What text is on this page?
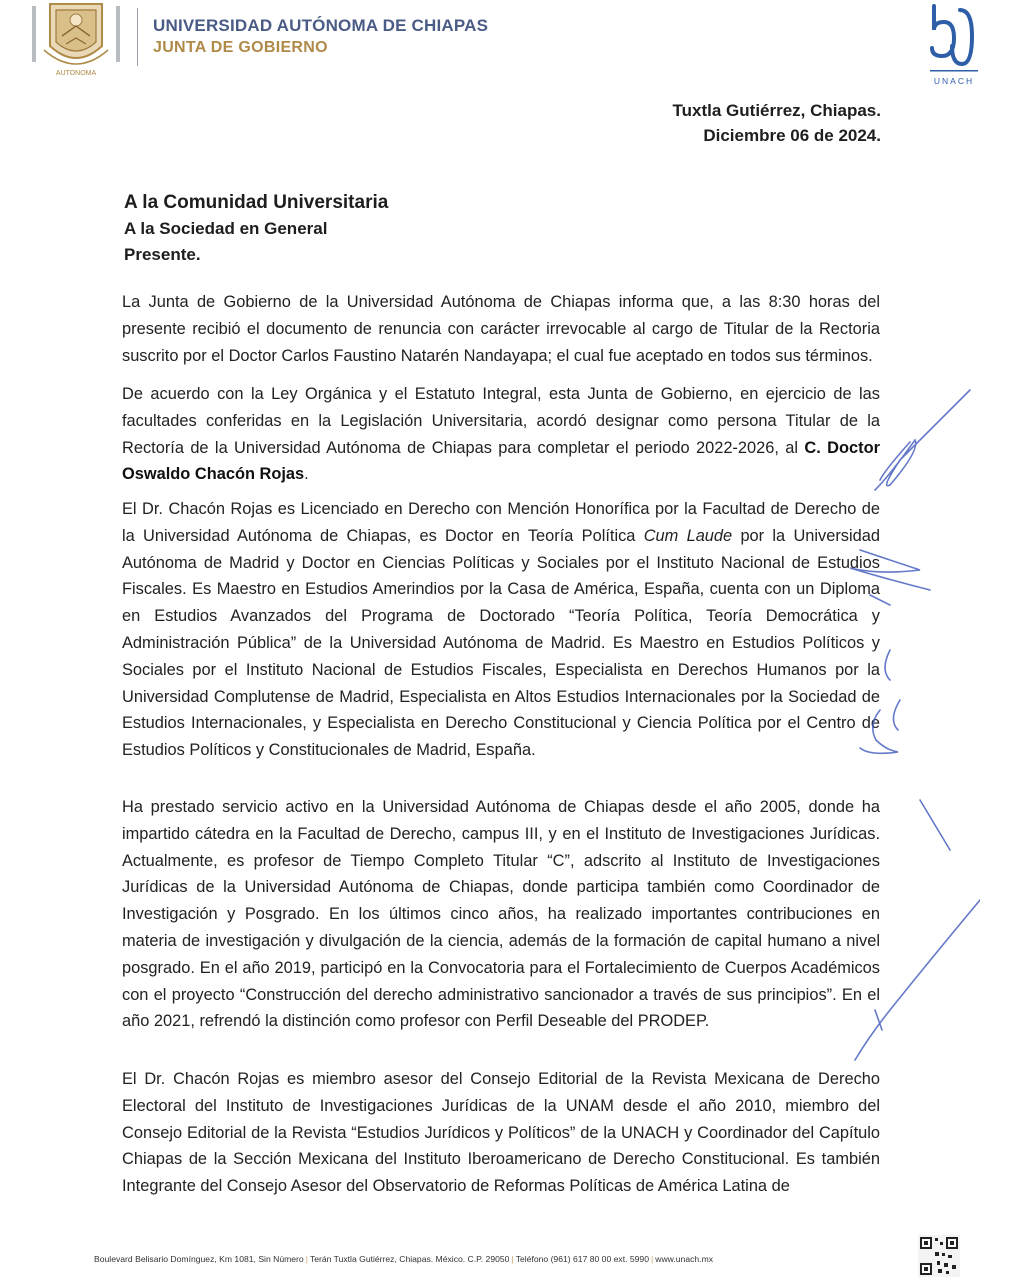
AUTONOMA
UNIVERSIDAD AUTÓNOMA DE CHIAPAS
JUNTA DE GOBIERNO
UNACH
Tuxtla Gutiérrez, Chiapas.
Diciembre 06 de 2024.
A la Comunidad Universitaria
A la Sociedad en General
Presente.
La Junta de Gobierno de la Universidad Autónoma de Chiapas informa que, a las 8:30 horas del presente recibió el documento de renuncia con carácter irrevocable al cargo de Titular de la Rectoria suscrito por el Doctor Carlos Faustino Natarén Nandayapa; el cual fue aceptado en todos sus términos.
De acuerdo con la Ley Orgánica y el Estatuto Integral, esta Junta de Gobierno, en ejercicio de las facultades conferidas en la Legislación Universitaria, acordó designar como persona Titular de la Rectoría de la Universidad Autónoma de Chiapas para completar el periodo 2022-2026, al C. Doctor Oswaldo Chacón Rojas.
El Dr. Chacón Rojas es Licenciado en Derecho con Mención Honorífica por la Facultad de Derecho de la Universidad Autónoma de Chiapas, es Doctor en Teoría Política Cum Laude por la Universidad Autónoma de Madrid y Doctor en Ciencias Políticas y Sociales por el Instituto Nacional de Estudios Fiscales. Es Maestro en Estudios Amerindios por la Casa de América, España, cuenta con un Diploma en Estudios Avanzados del Programa de Doctorado “Teoría Política, Teoría Democrática y Administración Pública” de la Universidad Autónoma de Madrid. Es Maestro en Estudios Políticos y Sociales por el Instituto Nacional de Estudios Fiscales, Especialista en Derechos Humanos por la Universidad Complutense de Madrid, Especialista en Altos Estudios Internacionales por la Sociedad de Estudios Internacionales, y Especialista en Derecho Constitucional y Ciencia Política por el Centro de Estudios Políticos y Constitucionales de Madrid, España.
Ha prestado servicio activo en la Universidad Autónoma de Chiapas desde el año 2005, donde ha impartido cátedra en la Facultad de Derecho, campus III, y en el Instituto de Investigaciones Jurídicas. Actualmente, es profesor de Tiempo Completo Titular “C”, adscrito al Instituto de Investigaciones Jurídicas de la Universidad Autónoma de Chiapas, donde participa también como Coordinador de Investigación y Posgrado. En los últimos cinco años, ha realizado importantes contribuciones en materia de investigación y divulgación de la ciencia, además de la formación de capital humano a nivel posgrado. En el año 2019, participó en la Convocatoria para el Fortalecimiento de Cuerpos Académicos con el proyecto “Construcción del derecho administrativo sancionador a través de sus principios”. En el año 2021, refrendó la distinción como profesor con Perfil Deseable del PRODEP.
El Dr. Chacón Rojas es miembro asesor del Consejo Editorial de la Revista Mexicana de Derecho Electoral del Instituto de Investigaciones Jurídicas de la UNAM desde el año 2010, miembro del Consejo Editorial de la Revista “Estudios Jurídicos y Políticos” de la UNACH y Coordinador del Capítulo Chiapas de la Sección Mexicana del Instituto Iberoamericano de Derecho Constitucional. Es también Integrante del Consejo Asesor del Observatorio de Reformas Políticas de América Latina de
Boulevard Belisario Domínguez, Km 1081, Sin Número | Terán Tuxtla Gutiérrez, Chiapas. México. C.P. 29050 | Teléfono (961) 617 80 00 ext. 5990 | www.unach.mx
